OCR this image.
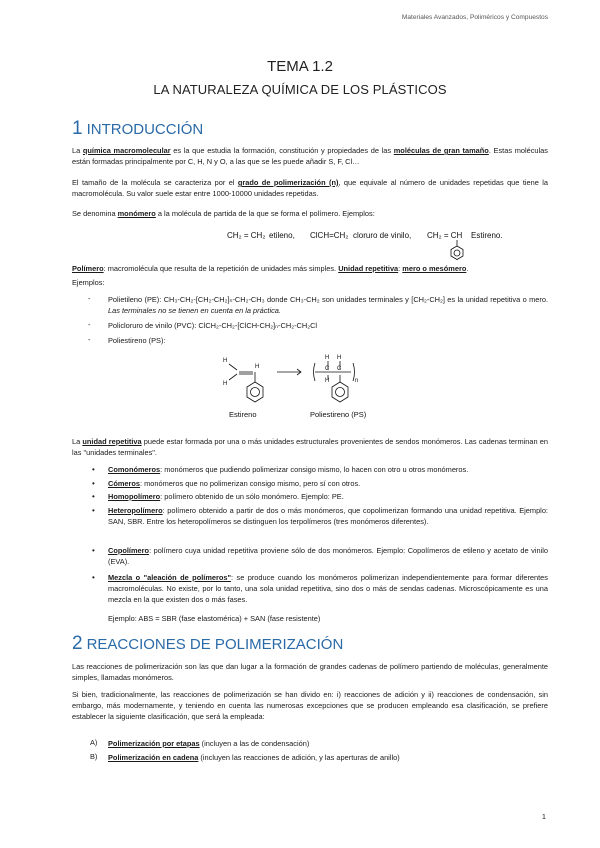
Materiales Avanzados, Poliméricos y Compuestos
TEMA 1.2
LA NATURALEZA QUÍMICA DE LOS PLÁSTICOS
1 INTRODUCCIÓN
La química macromolecular es la que estudia la formación, constitución y propiedades de las moléculas de gran tamaño. Estas moléculas están formadas principalmente por C, H, N y O, a las que se les puede añadir S, F, Cl…
El tamaño de la molécula se caracteriza por el grado de polimerización (n), que equivale al número de unidades repetidas que tiene la macromolécula. Su valor suele estar entre 1000-10000 unidades repetidas.
Se denomina monómero a la molécula de partida de la que se forma el polímero. Ejemplos:
CH₂ = CH₂ etileno, ClCH=CH₂ cloruro de vinilo, CH₂ = CH Estireno.
Polímero: macromolécula que resulta de la repetición de unidades más simples. Unidad repetitiva: mero o mesómero.
Ejemplos:
- Polietileno (PE): CH₃-CH₂-[CH₂-CH₂]ₙ-CH₂-CH₃ donde CH₃-CH₂ son unidades terminales y [CH₂-CH₂] es la unidad repetitiva o mero. Las terminales no se tienen en cuenta en la práctica.
- Policloruro de vinilo (PVC): ClCH₂-CH₂-[ClCH-CH₂]ₙ-CH₂-CH₂Cl
- Poliestireno (PS):
H
H
H
H H
H
C C
n
Estireno	Poliestireno (PS)
La unidad repetitiva puede estar formada por una o más unidades estructurales provenientes de sendos monómeros. Las cadenas terminan en las "unidades terminales".
• Comonómeros: monómeros que pudiendo polimerizar consigo mismo, lo hacen con otro u otros monómeros.
• Cómeros: monómeros que no polimerizan consigo mismo, pero sí con otros.
• Homopolímero: polímero obtenido de un sólo monómero. Ejemplo: PE.
• Heteropolímero: polímero obtenido a partir de dos o más monómeros, que copolimerizan formando una unidad repetitiva. Ejemplo: SAN, SBR. Entre los heteropolímeros se distinguen los terpolímeros (tres monómeros diferentes).
• Copolímero: polímero cuya unidad repetitiva proviene sólo de dos monómeros. Ejemplo: Copolímeros de etileno y acetato de vinilo (EVA).
• Mezcla o "aleación de polímeros": se produce cuando los monómeros polimerizan independientemente para formar diferentes macromoléculas. No existe, por lo tanto, una sola unidad repetitiva, sino dos o más de sendas cadenas. Microscópicamente es una mezcla en la que existen dos o más fases.
Ejemplo: ABS = SBR (fase elastomérica) + SAN (fase resistente)
2 REACCIONES DE POLIMERIZACIÓN
Las reacciones de polimerización son las que dan lugar a la formación de grandes cadenas de polímero partiendo de moléculas, generalmente simples, llamadas monómeros.
Si bien, tradicionalmente, las reacciones de polimerización se han divido en: i) reacciones de adición y ii) reacciones de condensación, sin embargo, más modernamente, y teniendo en cuenta las numerosas excepciones que se producen empleando esa clasificación, se prefiere establecer la siguiente clasificación, que será la empleada:
A) Polimerización por etapas (incluyen a las de condensación)
B) Polimerización en cadena (incluyen las reacciones de adición, y las aperturas de anillo)
1
